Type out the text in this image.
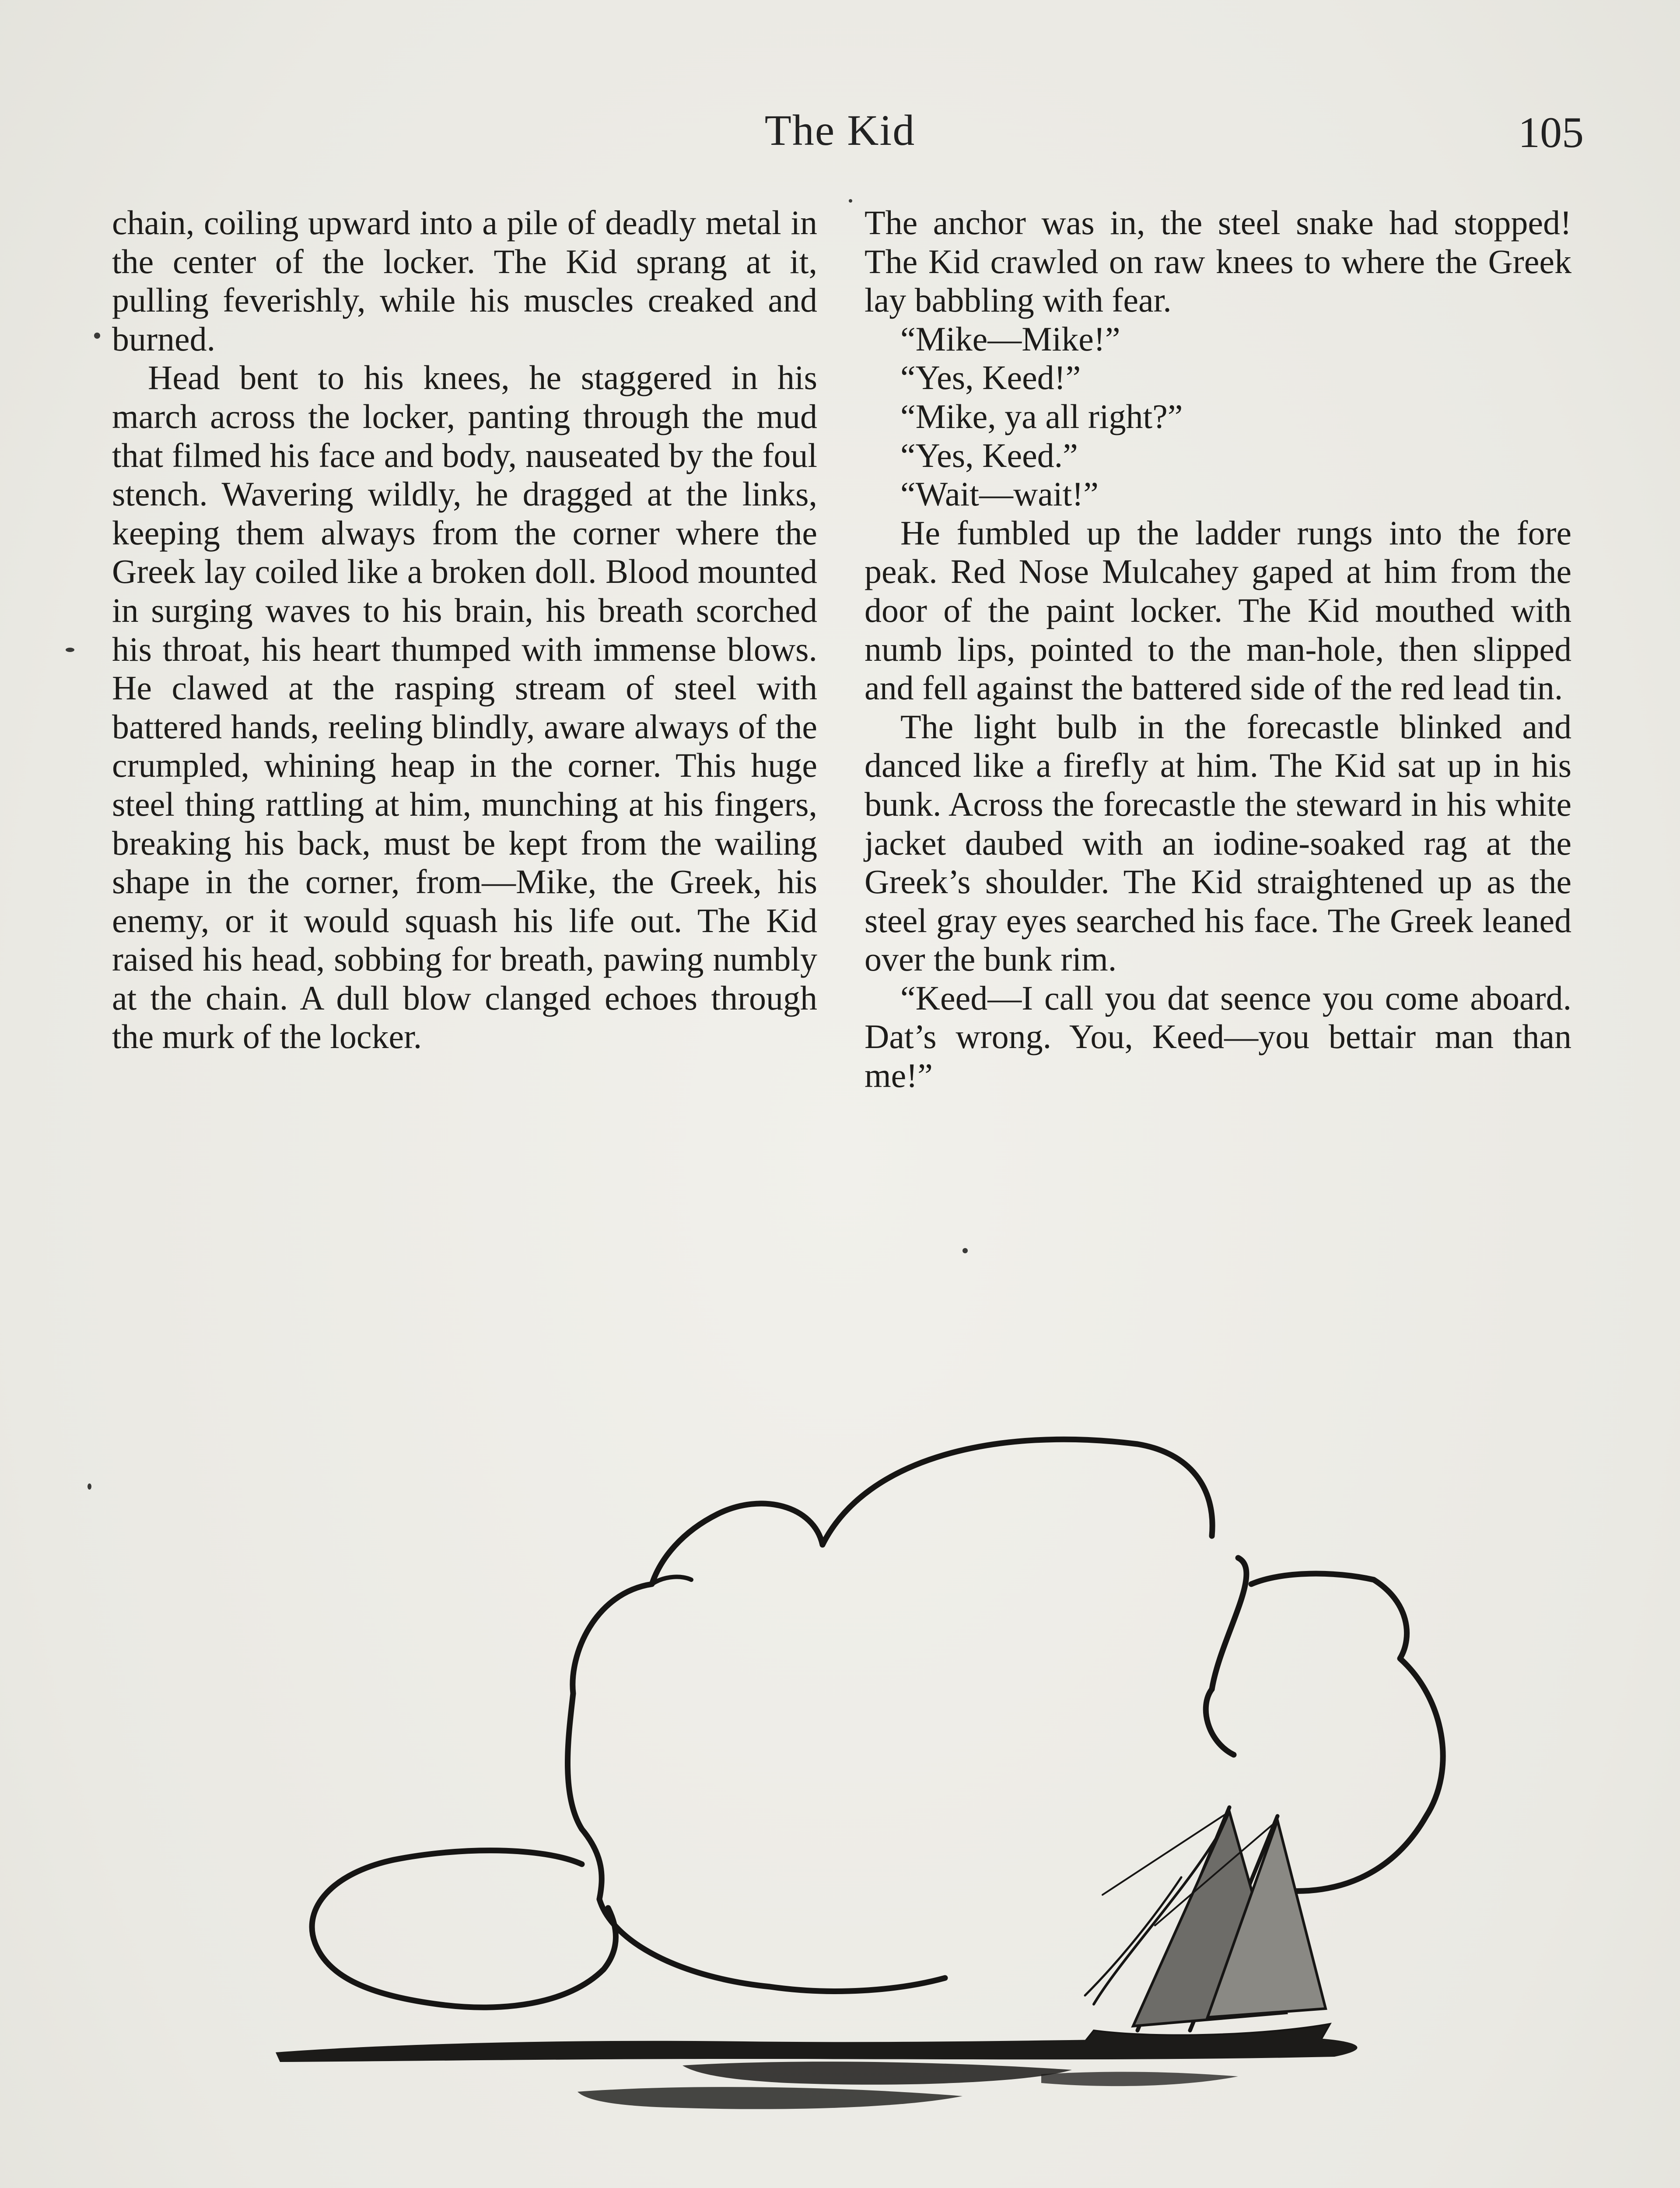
The Kid	105

chain, coiling upward into a pile of deadly metal in the center of the locker. The Kid sprang at it, pulling feverishly, while his muscles creaked and burned.

Head bent to his knees, he staggered in his march across the locker, panting through the mud that filmed his face and body, nauseated by the foul stench. Wavering wildly, he dragged at the links, keeping them always from the corner where the Greek lay coiled like a broken doll. Blood mounted in surging waves to his brain, his breath scorched his throat, his heart thumped with immense blows. He clawed at the rasping stream of steel with battered hands, reeling blindly, aware always of the crumpled, whining heap in the corner. This huge steel thing rattling at him, munching at his fingers, breaking his back, must be kept from the wailing shape in the corner, from—Mike, the Greek, his enemy, or it would squash his life out. The Kid raised his head, sobbing for breath, pawing numbly at the chain. A dull blow clanged echoes through the murk of the locker.

The anchor was in, the steel snake had stopped! The Kid crawled on raw knees to where the Greek lay babbling with fear.

“Mike—Mike!”

“Yes, Keed!”

“Mike, ya all right?”

“Yes, Keed.”

“Wait—wait!”

He fumbled up the ladder rungs into the fore peak. Red Nose Mulcahey gaped at him from the door of the paint locker. The Kid mouthed with numb lips, pointed to the man-hole, then slipped and fell against the battered side of the red lead tin.

The light bulb in the forecastle blinked and danced like a firefly at him. The Kid sat up in his bunk. Across the forecastle the steward in his white jacket daubed with an iodine-soaked rag at the Greek’s shoulder. The Kid straightened up as the steel gray eyes searched his face. The Greek leaned over the bunk rim.

“Keed—I call you dat seence you come aboard. Dat’s wrong. You, Keed—you bettair man than me!”
